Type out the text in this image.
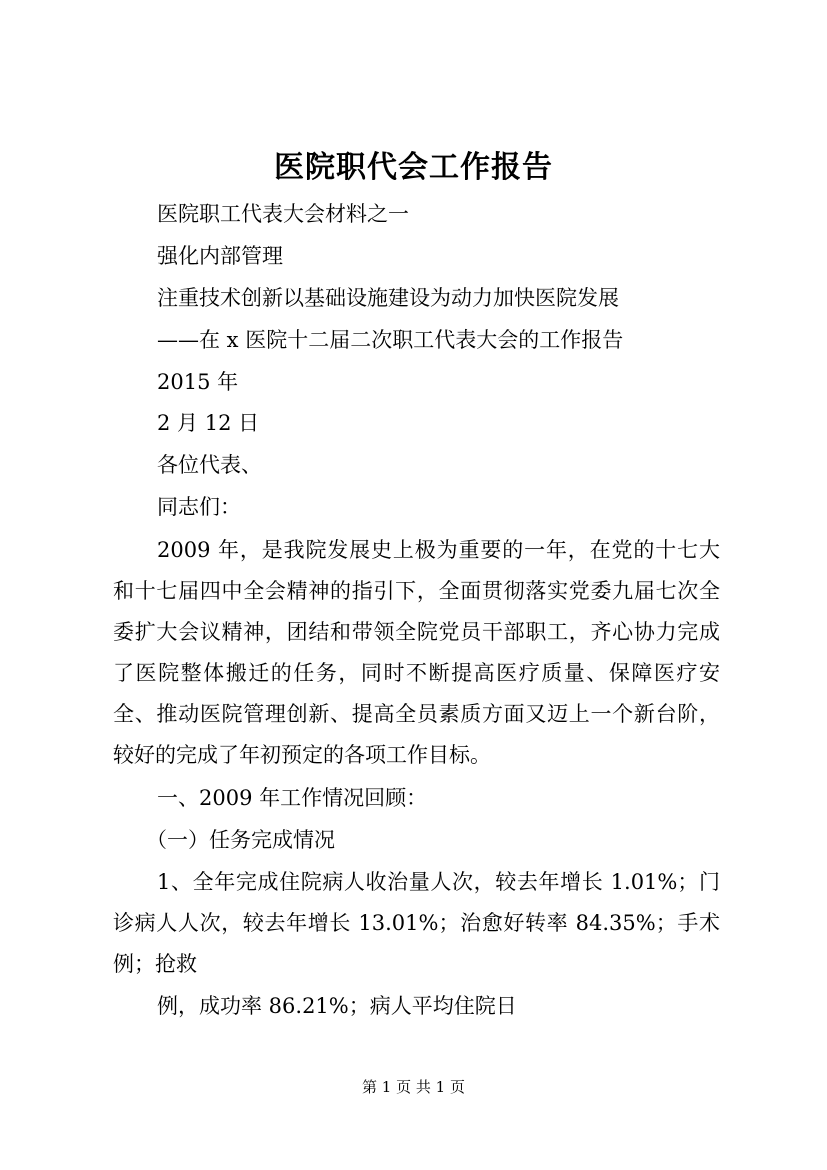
医院职代会工作报告
医院职工代表大会材料之一
强化内部管理
注重技术创新以基础设施建设为动力加快医院发展
——在 x 医院十二届二次职工代表大会的工作报告
2015 年
2 月 12 日
各位代表、
同志们：

2009 年，是我院发展史上极为重要的一年，在党的十七大和十七届四中全会精神的指引下，全面贯彻落实党委九届七次全委扩大会议精神，团结和带领全院党员干部职工，齐心协力完成了医院整体搬迁的任务，同时不断提高医疗质量、保障医疗安全、推动医院管理创新、提高全员素质方面又迈上一个新台阶，较好的完成了年初预定的各项工作目标。

一、2009 年工作情况回顾：
（一）任务完成情况

1、全年完成住院病人收治量人次，较去年增长 1.01%；门诊病人人次，较去年增长 13.01%；治愈好转率 84.35%；手术例；抢救

例，成功率 86.21%；病人平均住院日

第 1 页 共 1 页
